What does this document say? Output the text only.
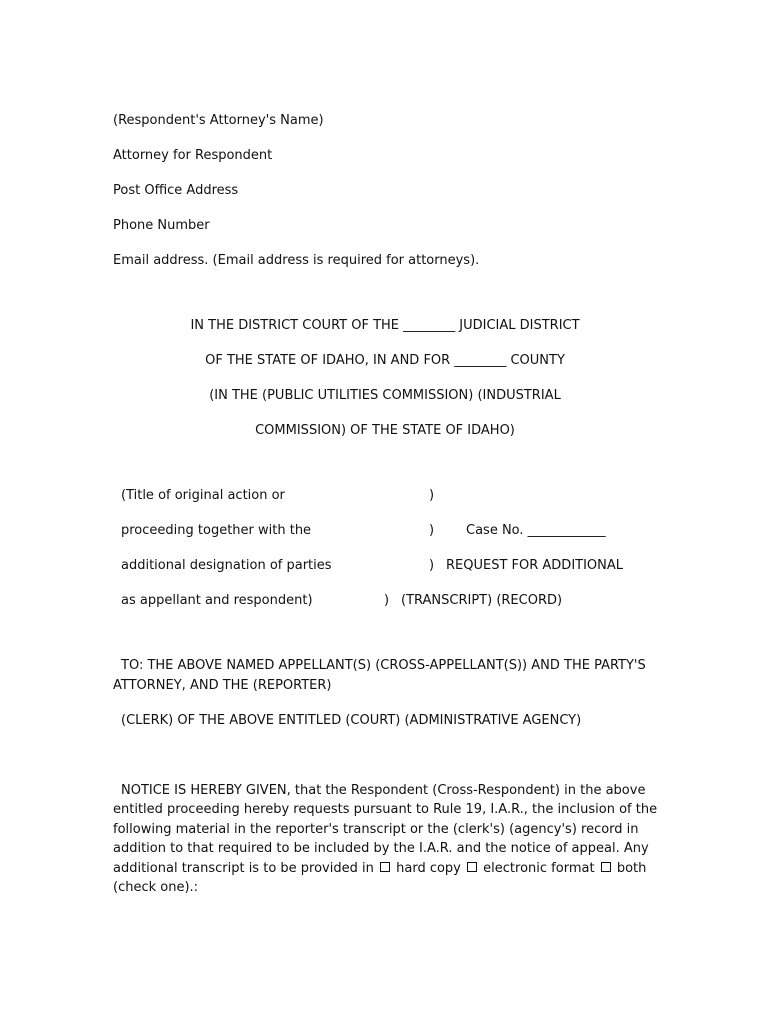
(Respondent's Attorney's Name)
Attorney for Respondent
Post Office Address
Phone Number
Email address. (Email address is required for attorneys).
IN THE DISTRICT COURT OF THE ________ JUDICIAL DISTRICT
OF THE STATE OF IDAHO, IN AND FOR ________ COUNTY
(IN THE (PUBLIC UTILITIES COMMISSION) (INDUSTRIAL
COMMISSION) OF THE STATE OF IDAHO)
(Title of original action or	)
proceeding together with the	) Case No. ____________
additional designation of parties	) REQUEST FOR ADDITIONAL
as appellant and respondent)	) (TRANSCRIPT) (RECORD)
TO: THE ABOVE NAMED APPELLANT(S) (CROSS-APPELLANT(S)) AND THE PARTY'S
ATTORNEY, AND THE (REPORTER)
(CLERK) OF THE ABOVE ENTITLED (COURT) (ADMINISTRATIVE AGENCY)
NOTICE IS HEREBY GIVEN, that the Respondent (Cross-Respondent) in the above
entitled proceeding hereby requests pursuant to Rule 19, I.A.R., the inclusion of the
following material in the reporter's transcript or the (clerk's) (agency's) record in
addition to that required to be included by the I.A.R. and the notice of appeal. Any
additional transcript is to be provided in hard copy electronic format both
(check one).:
